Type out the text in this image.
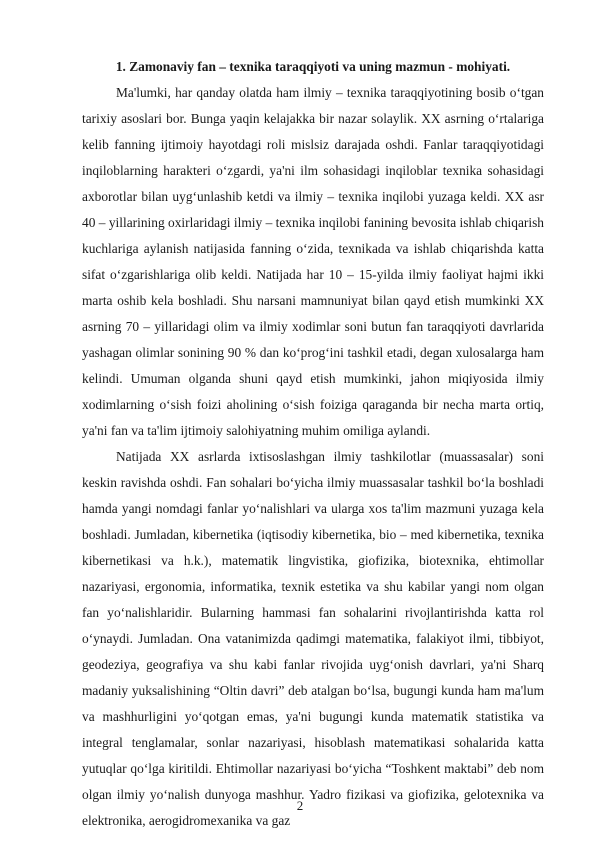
1. Zamonaviy fan – texnika taraqqiyoti va uning mazmun - mohiyati.

Ma'lumki, har qanday olatda ham ilmiy – texnika taraqqiyotining bosib o‘tgan tarixiy asoslari bor. Bunga yaqin kelajakka bir nazar solaylik. XX asrning o‘rtalariga kelib fanning ijtimoiy hayotdagi roli mislsiz darajada oshdi. Fanlar taraqqiyotidagi inqiloblarning harakteri o‘zgardi, ya'ni ilm sohasidagi inqiloblar texnika sohasidagi axborotlar bilan uyg‘unlashib ketdi va ilmiy – texnika inqilobi yuzaga keldi. XX asr 40 – yillarining oxirlaridagi ilmiy – texnika inqilobi fanining bevosita ishlab chiqarish kuchlariga aylanish natijasida fanning o‘zida, texnikada va ishlab chiqarishda katta sifat o‘zgarishlariga olib keldi. Natijada har 10 – 15-yilda ilmiy faoliyat hajmi ikki marta oshib kela boshladi. Shu narsani mamnuniyat bilan qayd etish mumkinki XX asrning 70 – yillaridagi olim va ilmiy xodimlar soni butun fan taraqqiyoti davrlarida yashagan olimlar sonining 90 % dan ko‘prog‘ini tashkil etadi, degan xulosalarga ham kelindi. Umuman olganda shuni qayd etish mumkinki, jahon miqiyosida ilmiy xodimlarning o‘sish foizi aholining o‘sish foiziga qaraganda bir necha marta ortiq, ya'ni fan va ta'lim ijtimoiy salohiyatning muhim omiliga aylandi.

Natijada XX asrlarda ixtisoslashgan ilmiy tashkilotlar (muassasalar) soni keskin ravishda oshdi. Fan sohalari bo‘yicha ilmiy muassasalar tashkil bo‘la boshladi hamda yangi nomdagi fanlar yo‘nalishlari va ularga xos ta'lim mazmuni yuzaga kela boshladi. Jumladan, kibernetika (iqtisodiy kibernetika, bio – med kibernetika, texnika kibernetikasi va h.k.), matematik lingvistika, giofizika, biotexnika, ehtimollar nazariyasi, ergonomia, informatika, texnik estetika va shu kabilar yangi nom olgan fan yo‘nalishlaridir. Bularning hammasi fan sohalarini rivojlantirishda katta rol o‘ynaydi. Jumladan. Ona vatanimizda qadimgi matematika, falakiyot ilmi, tibbiyot, geodeziya, geografiya va shu kabi fanlar rivojida uyg‘onish davrlari, ya'ni Sharq madaniy yuksalishining “Oltin davri” deb atalgan bo‘lsa, bugungi kunda ham ma'lum va mashhurligini yo‘qotgan emas, ya'ni bugungi kunda matematik statistika va integral tenglamalar, sonlar nazariyasi, hisoblash matematikasi sohalarida katta yutuqlar qo‘lga kiritildi. Ehtimollar nazariyasi bo‘yicha “Toshkent maktabi” deb nom olgan ilmiy yo‘nalish dunyoga mashhur. Yadro fizikasi va giofizika, gelotexnika va elektronika, aerogidromexanika va gaz

2
